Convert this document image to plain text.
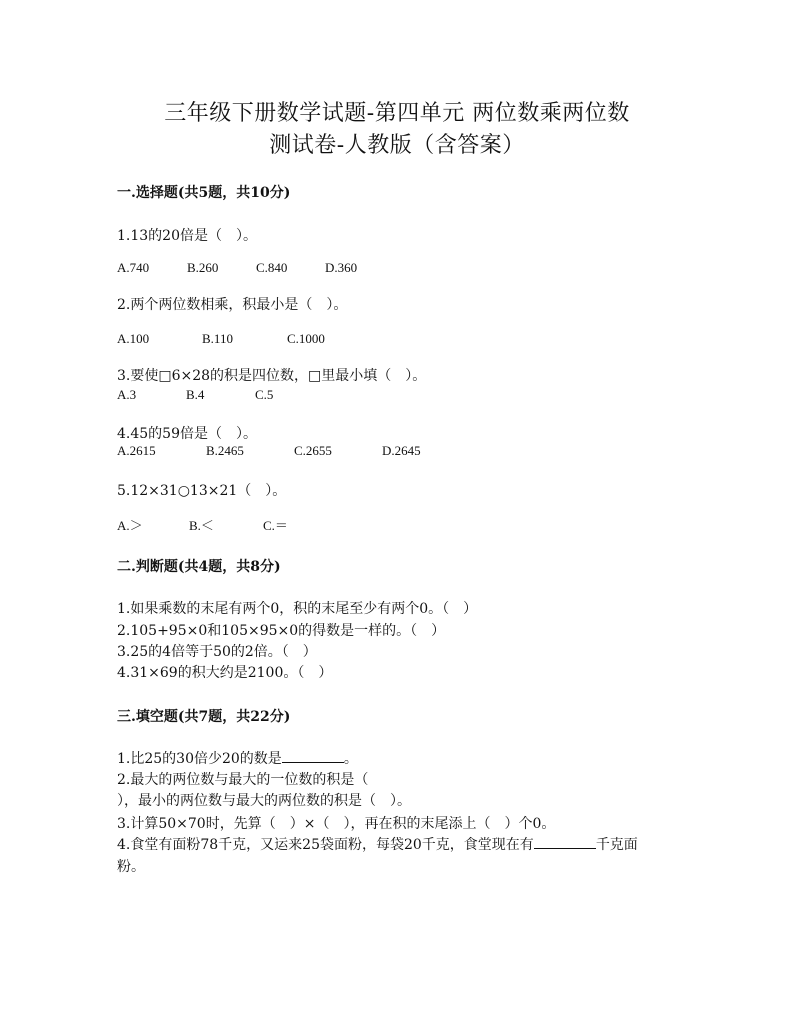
三年级下册数学试题-第四单元 两位数乘两位数
测试卷-人教版（含答案）
一.选择题(共5题，共10分)
1.13的20倍是（　）。
A.740	B.260	C.840	D.360
2.两个两位数相乘，积最小是（　）。
A.100	B.110	C.1000
3.要使□6×28的积是四位数，□里最小填（　）。
A.3	B.4	C.5
4.45的59倍是（　）。
A.2615	B.2465	C.2655	D.2645
5.12×31○13×21（　）。
A.＞	B.＜	C.＝
二.判断题(共4题，共8分)
1.如果乘数的末尾有两个0，积的末尾至少有两个0。（　）
2.105+95×0和105×95×0的得数是一样的。（　）
3.25的4倍等于50的2倍。（　）
4.31×69的积大约是2100。（　）
三.填空题(共7题，共22分)
1.比25的30倍少20的数是	。
2.最大的两位数与最大的一位数的积是（
），最小的两位数与最大的两位数的积是（　）。
3.计算50×70时，先算（　）×（　），再在积的末尾添上（　）个0。
4.食堂有面粉78千克，又运来25袋面粉，每袋20千克，食堂现在有	千克面
粉。
